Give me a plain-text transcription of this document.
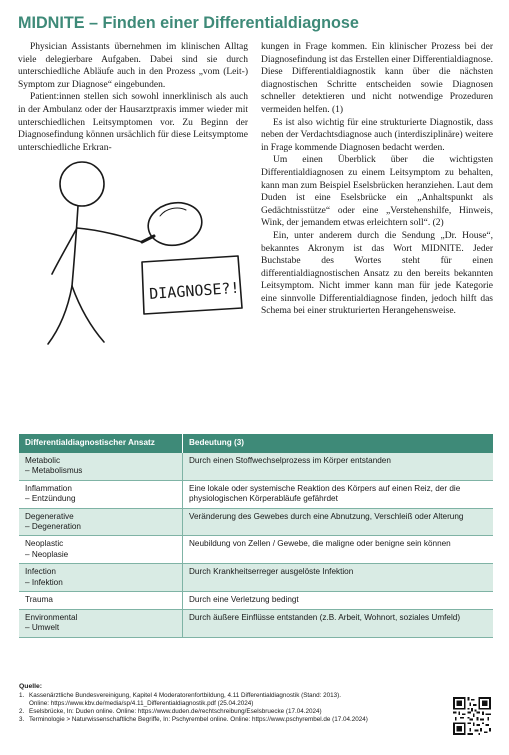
MIDNITE – Finden einer Differentialdiagnose

Physician Assistants übernehmen im klinischen Alltag viele delegierbare Aufgaben. Dabei sind sie durch unterschiedliche Abläufe auch in den Prozess „vom (Leit-) Symptom zur Diagnose“ eingebunden.

Patient:innen stellen sich sowohl innerklinisch als auch in der Ambulanz oder der Hausarztpraxis immer wieder mit unterschiedlichen Leitsymptomen vor. Zu Beginn der Diagnosefindung können ursächlich für diese Leitsymptome unterschiedliche Erkran-

DIAGNOSE?!

kungen in Frage kommen. Ein klinischer Prozess bei der Diagnosefindung ist das Erstellen einer Differentialdiagnose. Diese Differentialdiagnostik kann über die nächsten diagnostischen Schritte entscheiden sowie Diagnosen schneller detektieren und nicht notwendige Prozeduren vermeiden helfen. (1)

Es ist also wichtig für eine strukturierte Diagnostik, dass neben der Verdachtsdiagnose auch (interdisziplinäre) weitere in Frage kommende Diagnosen bedacht werden.

Um einen Überblick über die wichtigsten Differentialdiagnosen zu einem Leitsymptom zu behalten, kann man zum Beispiel Eselsbrücken heranziehen. Laut dem Duden ist eine Eselsbrücke ein „Anhaltspunkt als Gedächtnisstütze“ oder eine „Verstehenshilfe, Hinweis, Wink, der jemandem etwas erleichtern soll“. (2)

Ein, unter anderem durch die Sendung „Dr. House“, bekanntes Akronym ist das Wort MIDNITE. Jeder Buchstabe des Wortes steht für einen differentialdiagnostischen Ansatz zu den bereits bekannten Leitsymptom. Nicht immer kann man für jede Kategorie eine sinnvolle Differentialdiagnose finden, jedoch hilft das Schema bei einer strukturierten Herangehensweise.

Differentialdiagnostischer Ansatz	Bedeutung (3)
Metabolic
– Metabolismus	Durch einen Stoffwechselprozess im Körper entstanden
Inflammation
– Entzündung	Eine lokale oder systemische Reaktion des Körpers auf einen Reiz, der die physiologischen Körperabläufe gefährdet
Degenerative
– Degeneration	Veränderung des Gewebes durch eine Abnutzung, Verschleiß oder Alterung
Neoplastic
– Neoplasie	Neubildung von Zellen / Gewebe, die maligne oder benigne sein können
Infection
– Infektion	Durch Krankheitserreger ausgelöste Infektion
Trauma	Durch eine Verletzung bedingt
Environmental
– Umwelt	Durch äußere Einflüsse entstanden (z.B. Arbeit, Wohnort, soziales Umfeld)
Quelle:
1. Kassenärztliche Bundesvereinigung, Kapitel 4 Moderatorenfortbildung, 4.11 Differentialdiagnostik (Stand: 2013).
Online: https://www.kbv.de/media/sp/4.11_Differentialdiagnostik.pdf (25.04.2024)
2. Eselsbrücke, In: Duden online. Online: https://www.duden.de/rechtschreibung/Eselsbruecke (17.04.2024)
3. Terminologie > Naturwissenschaftliche Begriffe, In: Pschyrembel online. Online: https://www.pschyrembel.de (17.04.2024)
